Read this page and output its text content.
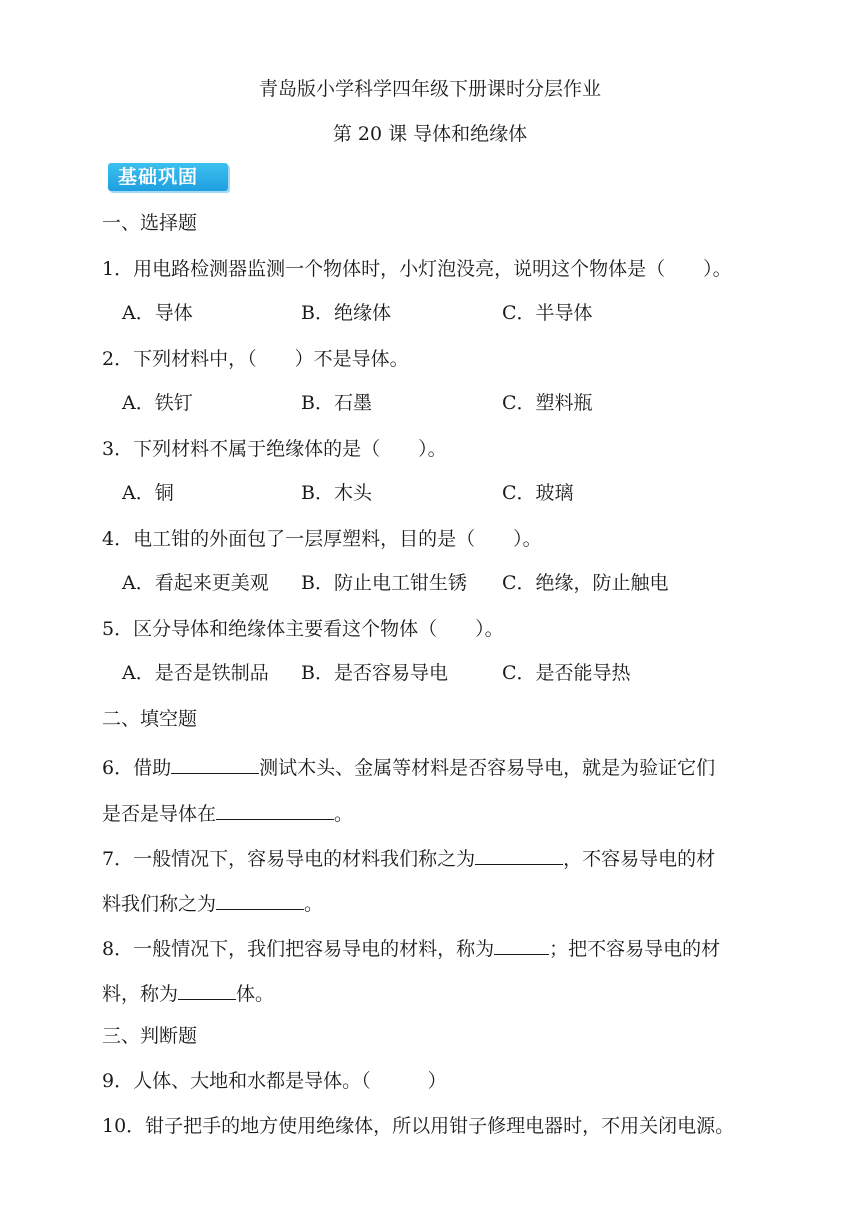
青岛版小学科学四年级下册课时分层作业
第 20 课 导体和绝缘体
基础巩固
一、选择题
1．用电路检测器监测一个物体时，小灯泡没亮，说明这个物体是（　　）。
A．导体	B．绝缘体	C．半导体
2．下列材料中，（　　）不是导体。
A．铁钉	B．石墨	C．塑料瓶
3．下列材料不属于绝缘体的是（　　）。
A．铜	B．木头	C．玻璃
4．电工钳的外面包了一层厚塑料，目的是（　　）。
A．看起来更美观 B．防止电工钳生锈 C．绝缘，防止触电
5．区分导体和绝缘体主要看这个物体（　　）。
A．是否是铁制品 B．是否容易导电	C．是否能导热
二、填空题
6．借助	测试木头、金属等材料是否容易导电，就是为验证它们
是否是导体在	。
7．一般情况下，容易导电的材料我们称之为	，不容易导电的材
料我们称之为	。
8．一般情况下，我们把容易导电的材料，称为	；把不容易导电的材
料，称为	体。
三、判断题
9．人体、大地和水都是导体。（　　　）
10．钳子把手的地方使用绝缘体，所以用钳子修理电器时，不用关闭电源。
